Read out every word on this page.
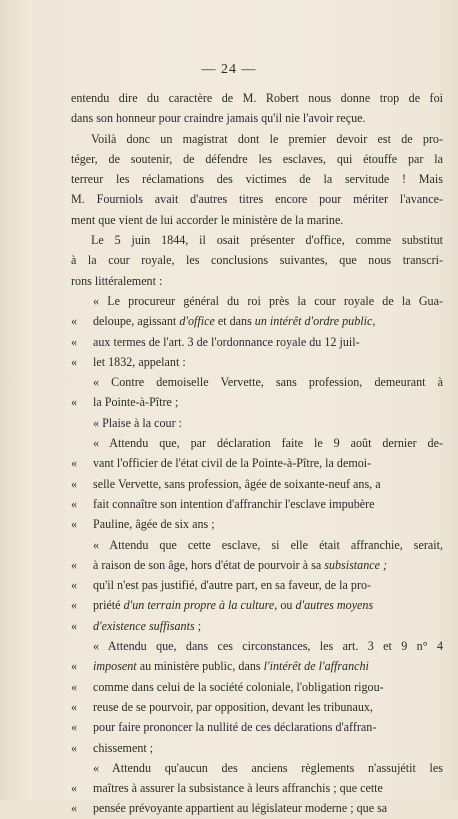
— 24 —
entendu dire du caractère de M. Robert nous donne trop de foi
dans son honneur pour craindre jamais qu'il nie l'avoir reçue.
Voilà donc un magistrat dont le premier devoir est de pro-
téger, de soutenir, de défendre les esclaves, qui étouffe par la
terreur les réclamations des victimes de la servitude ! Mais
M. Fourniols avait d'autres titres encore pour mériter l'avance-
ment que vient de lui accorder le ministère de la marine.
Le 5 juin 1844, il osait présenter d'office, comme substitut
à la cour royale, les conclusions suivantes, que nous transcri-
rons littéralement :
« Le procureur général du roi près la cour royale de la Gua-
« deloupe, agissant d'office et dans un intérêt d'ordre public,
« aux termes de l'art. 3 de l'ordonnance royale du 12 juil-
« let 1832, appelant :
« Contre demoiselle Vervette, sans profession, demeurant à
« la Pointe-à-Pître ;
« Plaise à la cour :
« Attendu que, par déclaration faite le 9 août dernier de-
« vant l'officier de l'état civil de la Pointe-à-Pître, la demoi-
« selle Vervette, sans profession, âgée de soixante-neuf ans, a
« fait connaître son intention d'affranchir l'esclave impubère
« Pauline, âgée de six ans ;
« Attendu que cette esclave, si elle était affranchie, serait,
« à raison de son âge, hors d'état de pourvoir à sa subsistance ;
« qu'il n'est pas justifié, d'autre part, en sa faveur, de la pro-
« priété d'un terrain propre à la culture, ou d'autres moyens
« d'existence suffisants ;
« Attendu que, dans ces circonstances, les art. 3 et 9 n° 4
« imposent au ministère public, dans l'intérêt de l'affranchi
« comme dans celui de la société coloniale, l'obligation rigou-
« reuse de se pourvoir, par opposition, devant les tribunaux,
« pour faire prononcer la nullité de ces déclarations d'affran-
« chissement ;
« Attendu qu'aucun des anciens règlements n'assujétit les
« maîtres à assurer la subsistance à leurs affranchis ; que cette
« pensée prévoyante appartient au législateur moderne ; que sa
